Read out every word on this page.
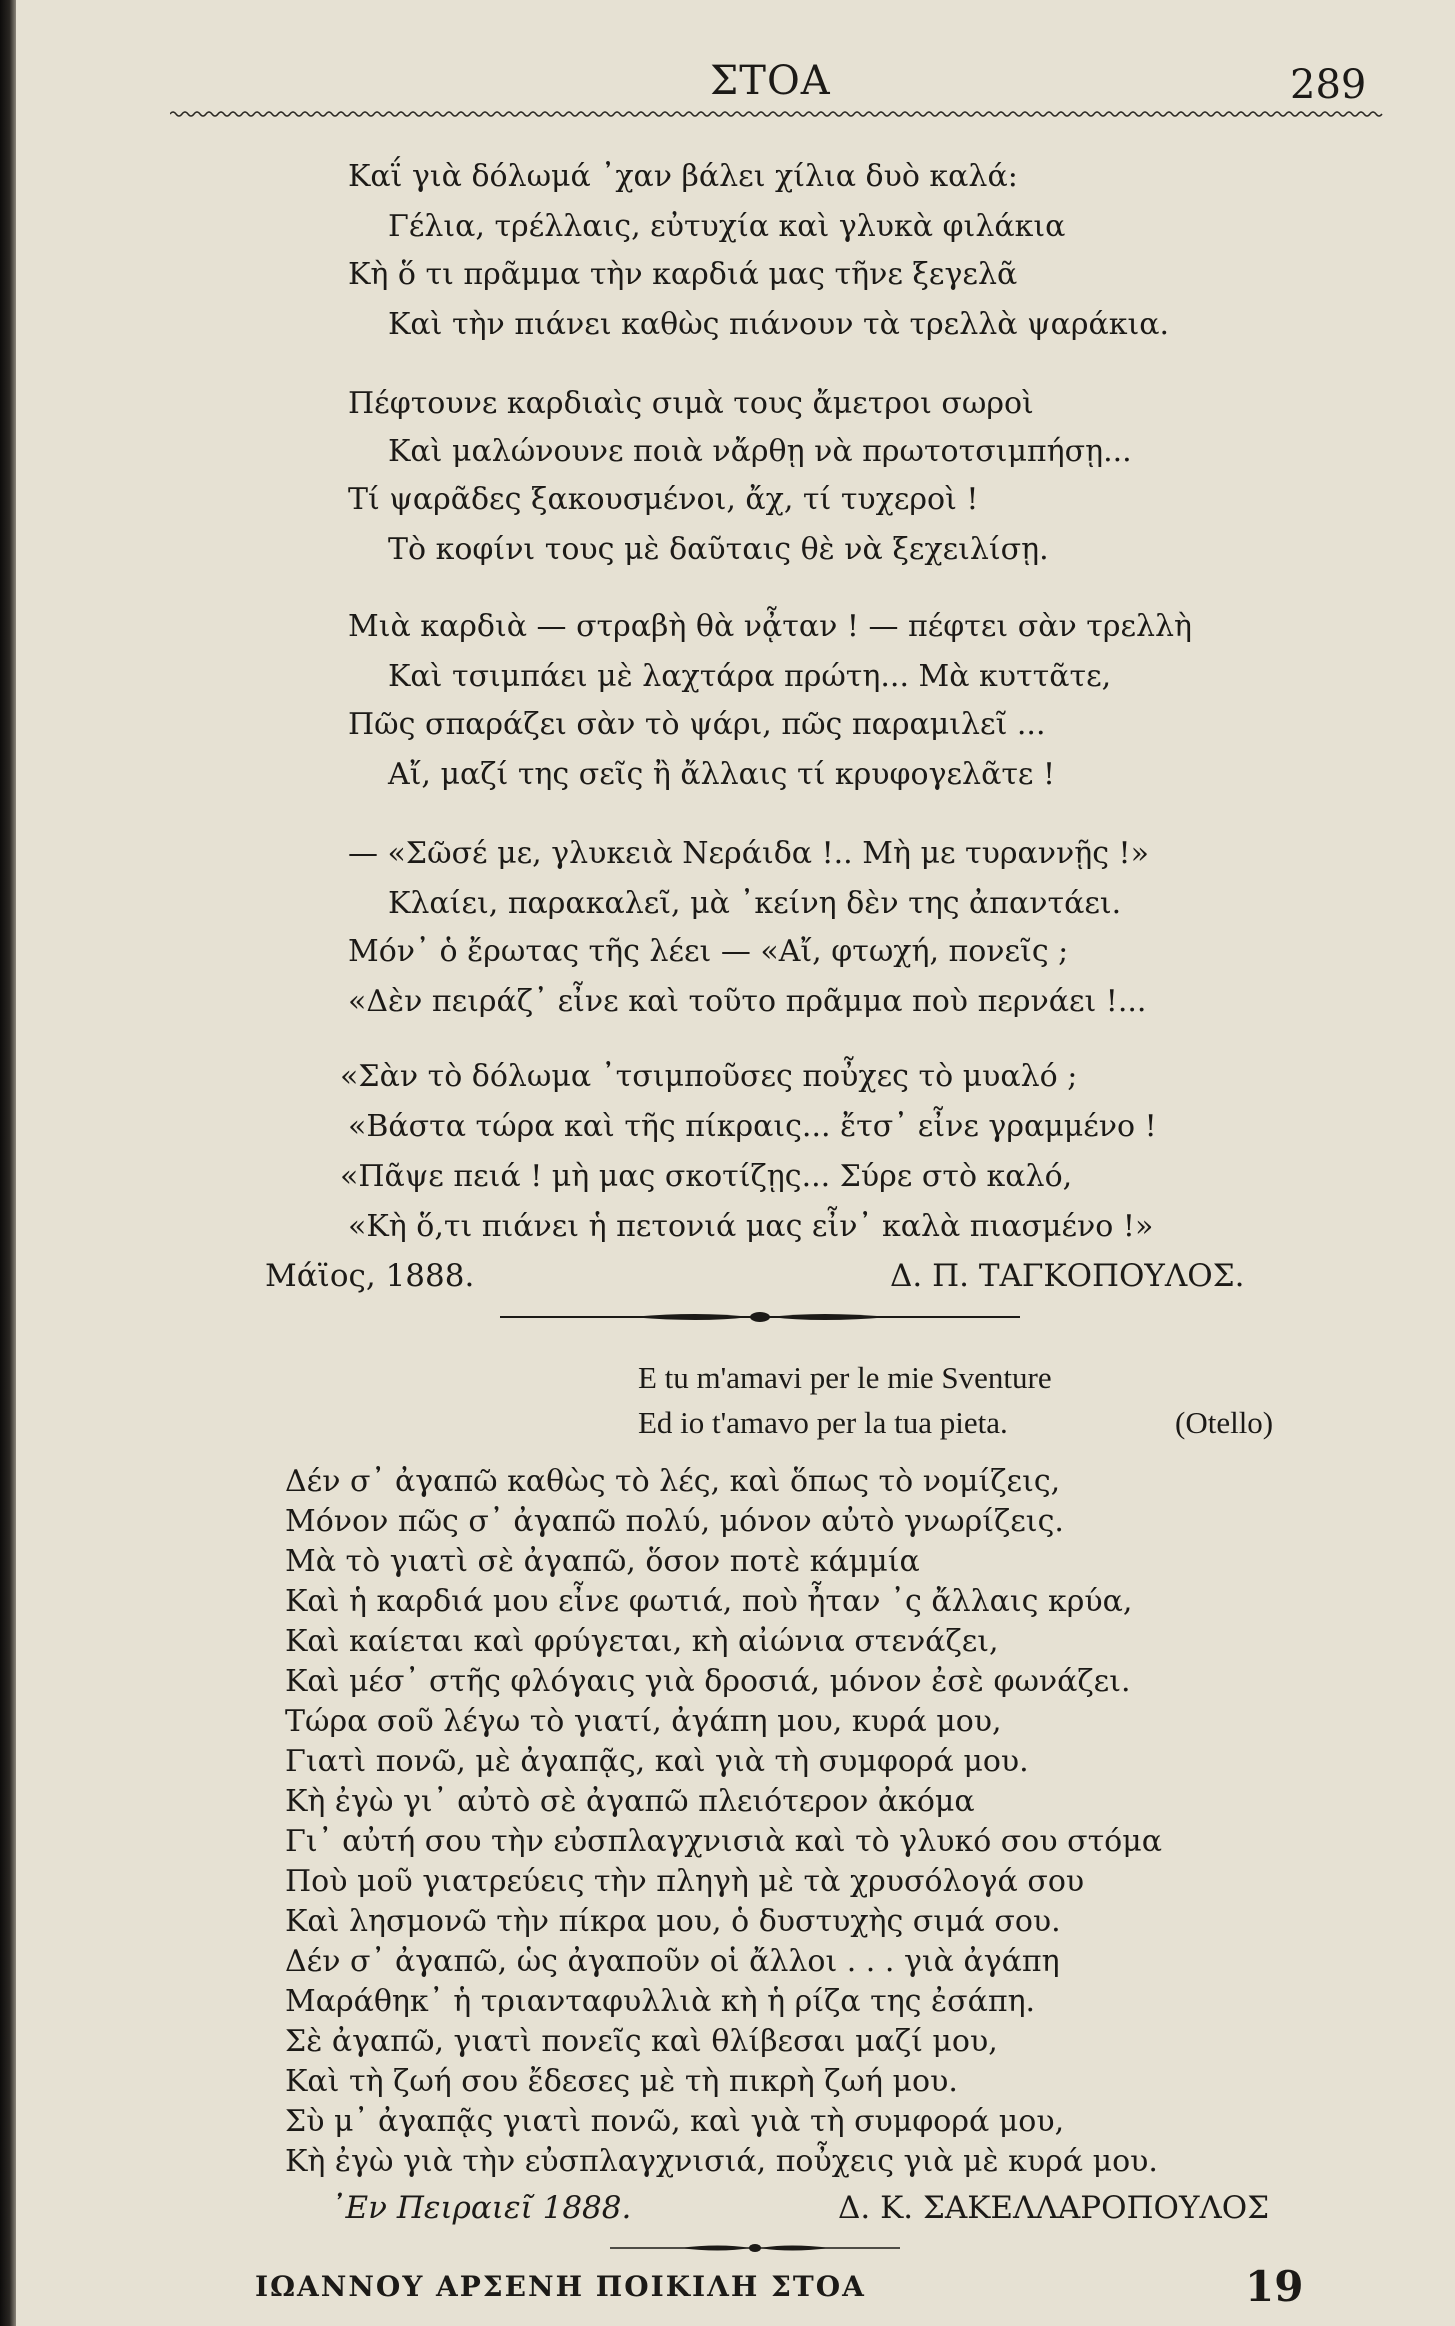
ΣΤΟΑ	289
Καΐ γιὰ δόλωμά ᾿χαν βάλει χίλια δυὸ καλά:
Γέλια, τρέλλαις, εὐτυχία καὶ γλυκὰ φιλάκια
Κὴ ὅ τι πρᾶμμα τὴν καρδιά μας τῆνε ξεγελᾶ
Καὶ τὴν πιάνει καθὼς πιάνουν τὰ τρελλὰ ψαράκια.
Πέφτουνε καρδιαὶς σιμὰ τους ἄμετροι σωροὶ
Καὶ μαλώνουνε ποιὰ νἄρθῃ νὰ πρωτοτσιμπήσῃ...
Τί ψαρᾶδες ξακουσμένοι, ἄχ, τί τυχεροὶ !
Τὸ κοφίνι τους μὲ δαῦταις θὲ νὰ ξεχειλίσῃ.
Μιὰ καρδιὰ — στραβὴ θὰ νᾆταν ! — πέφτει σὰν τρελλὴ
Καὶ τσιμπάει μὲ λαχτάρα πρώτη... Μὰ κυττᾶτε,
Πῶς σπαράζει σὰν τὸ ψάρι, πῶς παραμιλεῖ ...
Αἴ, μαζί της σεῖς ἢ ἄλλαις τί κρυφογελᾶτε !
— «Σῶσέ με, γλυκειὰ Νεράιδα !.. Μὴ με τυραννῇς !»
Κλαίει, παρακαλεῖ, μὰ ᾿κείνη δὲν της ἀπαντάει.
Μόν᾿ ὁ ἔρωτας τῆς λέει — «Αἴ, φτωχή, πονεῖς ;
«Δὲν πειράζ᾿ εἶνε καὶ τοῦτο πρᾶμμα ποὺ περνάει !...
«Σὰν τὸ δόλωμα ᾿τσιμποῦσες ποὖχες τὸ μυαλό ;
«Βάστα τώρα καὶ τῆς πίκραις... ἔτσ᾿ εἶνε γραμμένο !
«Πᾶψε πειά ! μὴ μας σκοτίζῃς... Σύρε στὸ καλό,
«Κὴ ὅ,τι πιάνει ἡ πετονιά μας εἶν᾿ καλὰ πιασμένο !»
Μάϊος, 1888.	Δ. Π. ΤΑΓΚΟΠΟΥΛΟΣ.
E tu m'amavi per le mie Sventure
Ed io t'amavo per la tua pieta.	(Otello)
Δέν σ᾿ ἀγαπῶ καθὼς τὸ λές, καὶ ὅπως τὸ νομίζεις,
Μόνον πῶς σ᾿ ἀγαπῶ πολύ, μόνον αὐτὸ γνωρίζεις.
Μὰ τὸ γιατὶ σὲ ἀγαπῶ, ὅσον ποτὲ κάμμία
Καὶ ἡ καρδιά μου εἶνε φωτιά, ποὺ ἦταν ᾿ς ἄλλαις κρύα,
Καὶ καίεται καὶ φρύγεται, κὴ αἰώνια στενάζει,
Καὶ μέσ᾿ στῆς φλόγαις γιὰ δροσιά, μόνον ἐσὲ φωνάζει.
Τώρα σοῦ λέγω τὸ γιατί, ἀγάπη μου, κυρά μου,
Γιατὶ πονῶ, μὲ ἀγαπᾷς, καὶ γιὰ τὴ συμφορά μου.
Κὴ ἐγὼ γι᾿ αὐτὸ σὲ ἀγαπῶ πλειότερον ἀκόμα
Γι᾿ αὐτή σου τὴν εὐσπλαγχνισιὰ καὶ τὸ γλυκό σου στόμα
Ποὺ μοῦ γιατρεύεις τὴν πληγὴ μὲ τὰ χρυσόλογά σου
Καὶ λησμονῶ τὴν πίκρα μου, ὁ δυστυχὴς σιμά σου.
Δέν σ᾿ ἀγαπῶ, ὡς ἀγαποῦν οἱ ἄλλοι . . . γιὰ ἀγάπη
Μαράθηκ᾿ ἡ τριανταφυλλιὰ κὴ ἡ ρίζα της ἐσάπη.
Σὲ ἀγαπῶ, γιατὶ πονεῖς καὶ θλίβεσαι μαζί μου,
Καὶ τὴ ζωή σου ἔδεσες μὲ τὴ πικρὴ ζωή μου.
Σὺ μ᾿ ἀγαπᾷς γιατὶ πονῶ, καὶ γιὰ τὴ συμφορά μου,
Κὴ ἐγὼ γιὰ τὴν εὐσπλαγχνισιά, ποὖχεις γιὰ μὲ κυρά μου.
᾿Εν Πειραιεῖ 1888.	Δ. Κ. ΣΑΚΕΛΛΑΡΟΠΟΥΛΟΣ
ΙΩΑΝΝΟΥ ΑΡΣΕΝΗ ΠΟΙΚΙΛΗ ΣΤΟΑ	19
